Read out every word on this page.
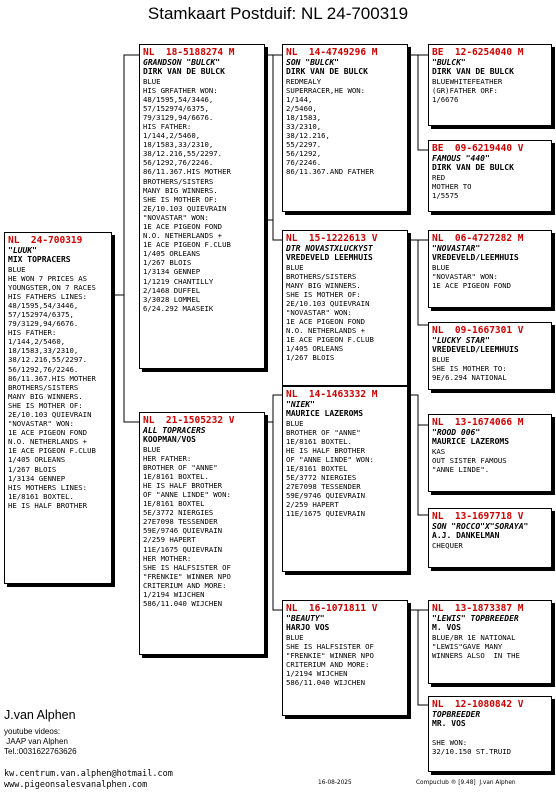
Stamkaart Postduif: NL 24-700319
NL  24-700319
"LUUK"
MIX TOPRACERS
BLUE
HE WON 7 PRICES AS
YOUNGSTER,ON 7 RACES
HIS FATHERS LINES:
48/1595,54/3446,
57/152974/6375,
79/3129,94/6676.
HIS FATHER:
1/144,2/5460,
18/1583,33/2310,
38/12.216,55/2297.
56/1292,76/2246.
86/11.367.HIS MOTHER
BROTHERS/SISTERS
MANY BIG WINNERS.
SHE IS MOTHER OF:
2E/10.103 QUIEVRAIN
"NOVASTAR" WON:
1E ACE PIGEON FOND
N.O. NETHERLANDS +
1E ACE PIGEON F.CLUB
1/405 ORLEANS
1/267 BLOIS
1/3134 GENNEP
HIS MOTHERS LINES:
1E/8161 BOXTEL.
HE IS HALF BROTHER
NL  18-5188274 M
GRANDSON "BULCK"
DIRK VAN DE BULCK
BLUE
HIS GRFATHER WON:
48/1595,54/3446,
57/152974/6375,
79/3129,94/6676.
HIS FATHER:
1/144,2/5460,
18/1583,33/2310,
38/12.216,55/2297.
56/1292,76/2246.
86/11.367.HIS MOTHER
BROTHERS/SISTERS
MANY BIG WINNERS.
SHE IS MOTHER OF:
2E/10.103 QUIEVRAIN
"NOVASTAR" WON:
1E ACE PIGEON FOND
N.O. NETHERLANDS +
1E ACE PIGEON F.CLUB
1/405 ORLEANS
1/267 BLOIS
1/3134 GENNEP
1/1219 CHANTILLY
2/1468 DUFFEL
3/3028 LOMMEL
6/24.292 MAASEIK
NL  21-1505232 V
ALL TOPRACERS
KOOPMAN/VOS
BLUE
HER FATHER:
BROTHER OF "ANNE"
1E/8161 BOXTEL.
HE IS HALF BROTHER
OF "ANNE LINDE" WON:
1E/8161 BOXTEL
5E/3772 NIERGIES
27E7098 TESSENDER
59E/9746 QUIEVRAIN
2/259 HAPERT
11E/1675 QUIEVRAIN
HER MOTHER:
SHE IS HALFSISTER OF
"FRENKIE" WINNER NPO
CRITERIUM AND MORE:
1/2194 WIJCHEN
586/11.040 WIJCHEN
NL  14-4749296 M
SON "BULCK"
DIRK VAN DE BULCK
REDMEALY
SUPERRACER,HE WON:
1/144,
2/5460,
18/1583,
33/2310,
38/12.216,
55/2297.
56/1292,
76/2246.
86/11.367.AND FATHER
NL  15-1222613 V
DTR NOVASTXLUCKYST
VREDEVELD LEEMHUIS
BLUE
BROTHERS/SISTERS
MANY BIG WINNERS.
SHE IS MOTHER OF:
2E/10.103 QUIEVRAIN
"NOVASTAR" WON:
1E ACE PIGEON FOND
N.O. NETHERLANDS +
1E ACE PIGEON F.CLUB
1/405 ORLEANS
1/267 BLOIS
NL  14-1463332 M
"NIEK"
MAURICE LAZEROMS
BLUE
BROTHER OF "ANNE"
1E/8161 BOXTEL.
HE IS HALF BROTHER
OF "ANNE LINDE" WON:
1E/8161 BOXTEL
5E/3772 NIERGIES
27E7098 TESSENDER
59E/9746 QUIEVRAIN
2/259 HAPERT
11E/1675 QUIEVRAIN
NL  16-1071811 V
"BEAUTY"
HARJO VOS
BLUE
SHE IS HALFSISTER OF
"FRENKIE" WINNER NPO
CRITERIUM AND MORE:
1/2194 WIJCHEN
586/11.040 WIJCHEN
BE  12-6254040 M
"BULCK"
DIRK VAN DE BULCK
BLUEWHITEFEATHER
(GR)FATHER ORF:
1/6676
BE  09-6219440 V
FAMOUS "440"
DIRK VAN DE BULCK
RED
MOTHER TO
1/5575
NL  06-4727282 M
"NOVASTAR"
VREDEVELD/LEEMHUIS
BLUE
"NOVASTAR" WON:
1E ACE PIGEON FOND
NL  09-1667301 V
"LUCKY STAR"
VREDEVELD/LEEMHUIS
BLUE
SHE IS MOTHER TO:
9E/6.294 NATIONAL
NL  13-1674066 M
"ROOD 006"
MAURICE LAZEROMS
KAS
OUT SISTER FAMOUS
"ANNE LINDE".
NL  13-1697718 V
SON "ROCCO"X"SORAYA"
A.J. DANKELMAN
CHEQUER
NL  13-1873387 M
"LEWIS" TOPBREEDER
M. VOS
BLUE/BR 1E NATIONAL
"LEWIS"GAVE MANY
WINNERS ALSO  IN THE
NL  12-1080842 V
TOPBREEDER
MR. VOS

SHE WON:
32/10.150 ST.TRUID
J.van Alphen
youtube videos:
JAAP van Alphen
Tel.:0031622763626
kw.centrum.van.alphen@hotmail.com
www.pigeonsalesvanalphen.com	16-08-2025	Compuclub ® [9.48]  J.van Alphen
